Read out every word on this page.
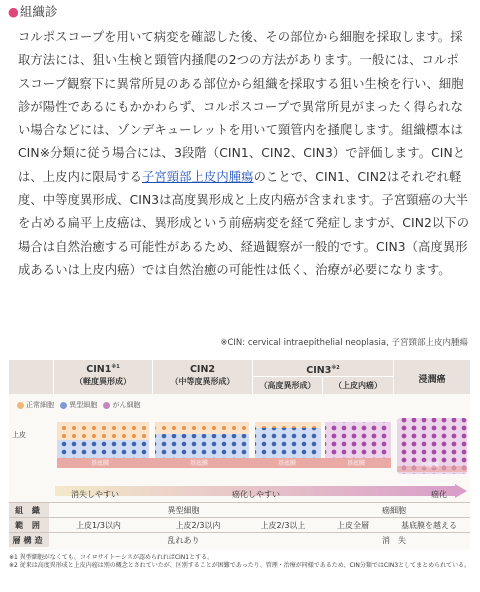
●組織診
コルポスコープを用いて病変を確認した後、その部位から細胞を採取します。採取方法には、狙い生検と頸管内掻爬の2つの方法があります。一般には、コルポスコープ観察下に異常所見のある部位から組織を採取する狙い生検を行い、細胞診が陽性であるにもかかわらず、コルポスコープで異常所見がまったく得られない場合などには、ゾンデキューレットを用いて頸管内を掻爬します。組織標本はCIN※分類に従う場合には、3段階（CIN1、CIN2、CIN3）で評価します。CINとは、上皮内に限局する子宮頸部上皮内腫瘍のことで、CIN1、CIN2はそれぞれ軽度、中等度異形成、CIN3は高度異形成と上皮内癌が含まれます。子宮頸癌の大半を占める扁平上皮癌は、異形成という前癌病変を経て発症しますが、CIN2以下の場合は自然治癒する可能性があるため、経過観察が一般的です。CIN3（高度異形成あるいは上皮内癌）では自然治癒の可能性は低く、治療が必要になります。
※CIN: cervical intraepithelial neoplasia, 子宮頸部上皮内腫瘍
CIN1$^{※1}$
（軽度異形成）
CIN2
（中等度異形成）
CIN3$^{※2}$
（高度異形成）	（上皮内癌）
浸潤癌
正常細胞 異型細胞 がん細胞
上皮
基底膜	基底膜	基底膜	基底膜	基底膜
消失しやすい	癌化しやすい	癌化
組 織	異型細胞			癌細胞	
範 囲	上皮1/3以内	上皮2/3以内	上皮2/3以上	上皮全層	基底膜を越える
層構造	乱れあり			消　失	
※1 異型細胞がなくても、コイロサイトーシスが認められればCIN1とする。
※2 従来は高度異形成と上皮内癌は別の概念とされていたが、区別することが困難であったり、管理・治療が同様であるため、CIN分類ではCIN3としてまとめられている。
